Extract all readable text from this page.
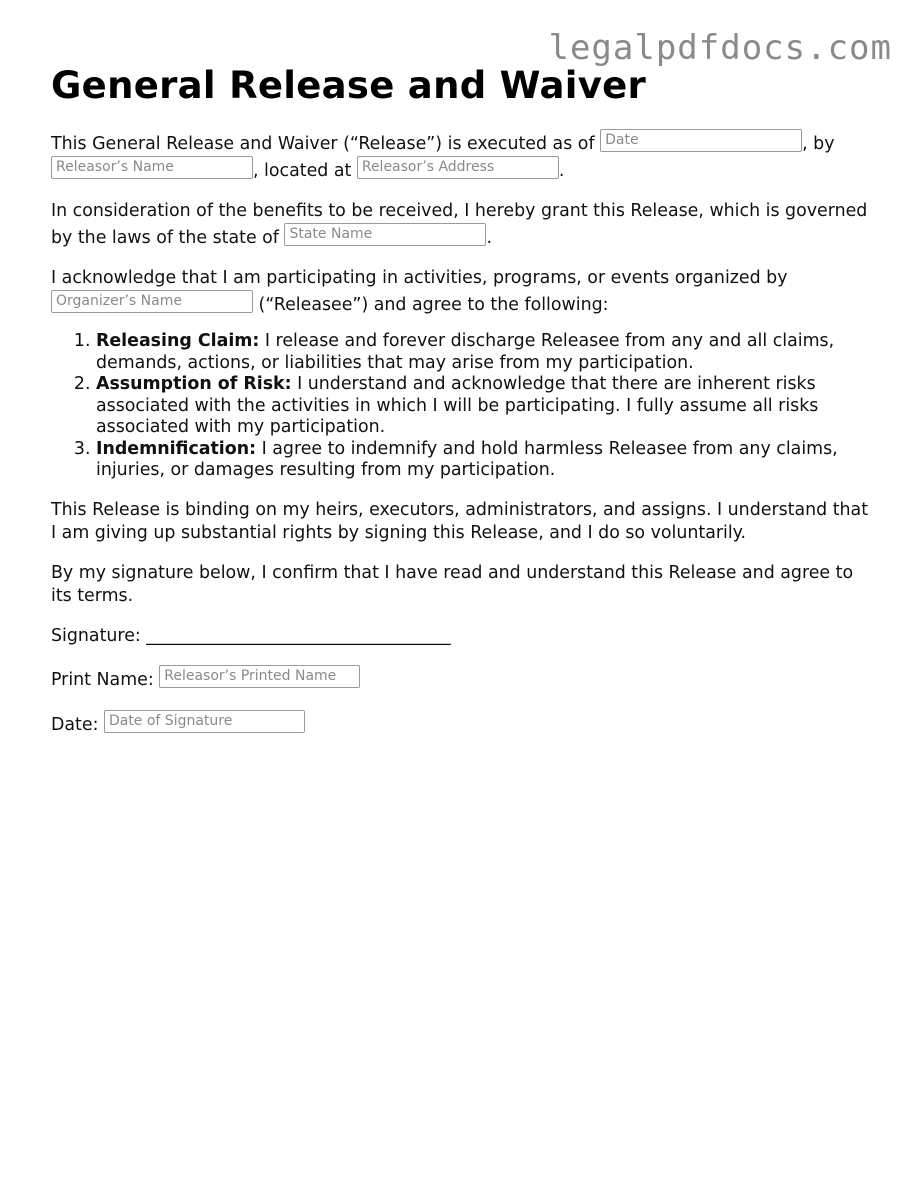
legalpdfdocs.com
General Release and Waiver

This General Release and Waiver (“Release”) is executed as of Date	, by
Releasor’s Name	, located at Releasor’s Address	.

In consideration of the benefits to be received, I hereby grant this Release, which is governed by the laws of the state of State Name	.

I acknowledge that I am participating in activities, programs, or events organized by Organizer’s Name	(“Releasee”) and agree to the following:

1. Releasing Claim: I release and forever discharge Releasee from any and all claims, demands, actions, or liabilities that may arise from my participation.
2. Assumption of Risk: I understand and acknowledge that there are inherent risks associated with the activities in which I will be participating. I fully assume all risks associated with my participation.
3. Indemnification: I agree to indemnify and hold harmless Releasee from any claims, injuries, or damages resulting from my participation.

This Release is binding on my heirs, executors, administrators, and assigns. I understand that I am giving up substantial rights by signing this Release, and I do so voluntarily.

By my signature below, I confirm that I have read and understand this Release and agree to its terms.

Signature: ___________________________________

Print Name: Releasor’s Printed Name

Date: Date of Signature
